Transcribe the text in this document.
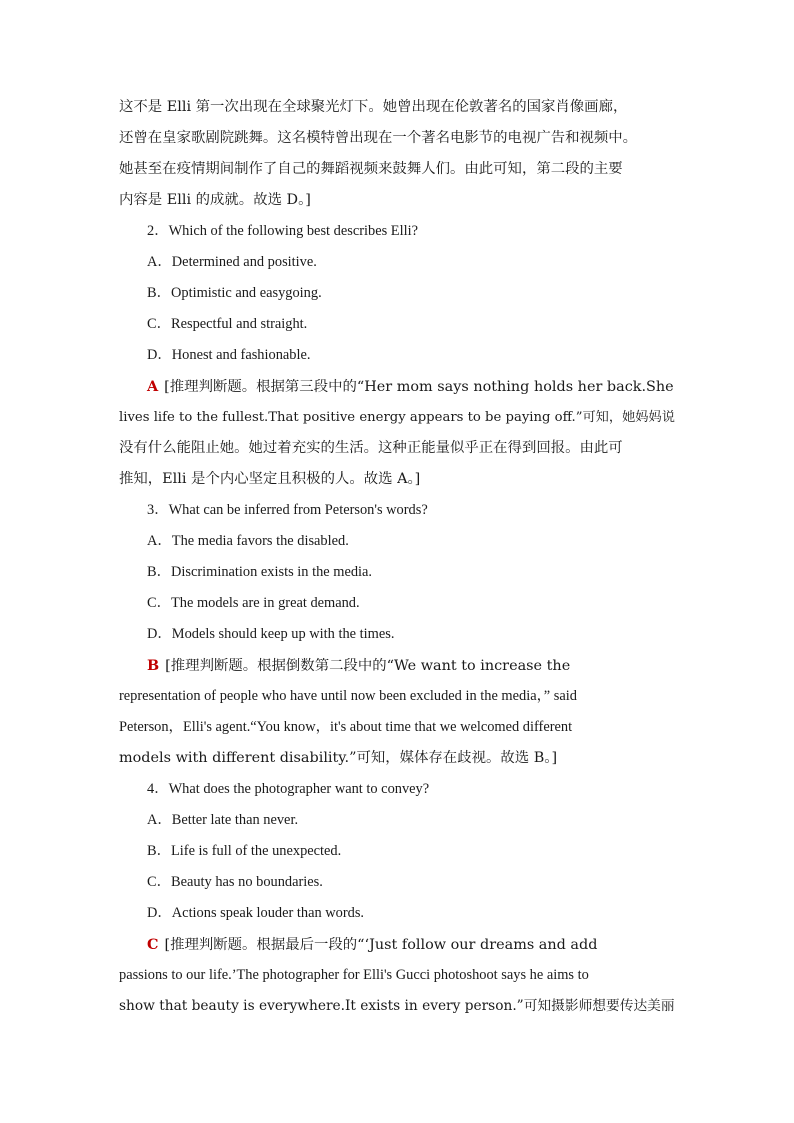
这不是 Elli 第一次出现在全球聚光灯下。她曾出现在伦敦著名的国家肖像画廊，
还曾在皇家歌剧院跳舞。这名模特曾出现在一个著名电影节的电视广告和视频中。
她甚至在疫情期间制作了自己的舞蹈视频来鼓舞人们。由此可知，第二段的主要
内容是 Elli 的成就。故选 D。]
2．Which of the following best describes Elli?
A．Determined and positive.
B．Optimistic and easygoing.
C．Respectful and straight.
D．Honest and fashionable.
A [推理判断题。根据第三段中的“Her mom says nothing holds her back.She
lives life to the fullest.That positive energy appears to be paying off.”可知，她妈妈说
没有什么能阻止她。她过着充实的生活。这种正能量似乎正在得到回报。由此可
推知，Elli 是个内心坚定且积极的人。故选 A。]
3．What can be inferred from Peterson's words?
A．The media favors the disabled.
B．Discrimination exists in the media.
C．The models are in great demand.
D．Models should keep up with the times.
B [推理判断题。根据倒数第二段中的“We want to increase the
representation of people who have until now been excluded in the media，” said
Peterson，Elli's agent.“You know，it's about time that we welcomed different
models with different disability.”可知，媒体存在歧视。故选 B。]
4．What does the photographer want to convey?
A．Better late than never.
B．Life is full of the unexpected.
C．Beauty has no boundaries.
D．Actions speak louder than words.
C [推理判断题。根据最后一段的“‘Just follow our dreams and add
passions to our life.’The photographer for Elli's Gucci photoshoot says he aims to
show that beauty is everywhere.It exists in every person.”可知摄影师想要传达美丽
